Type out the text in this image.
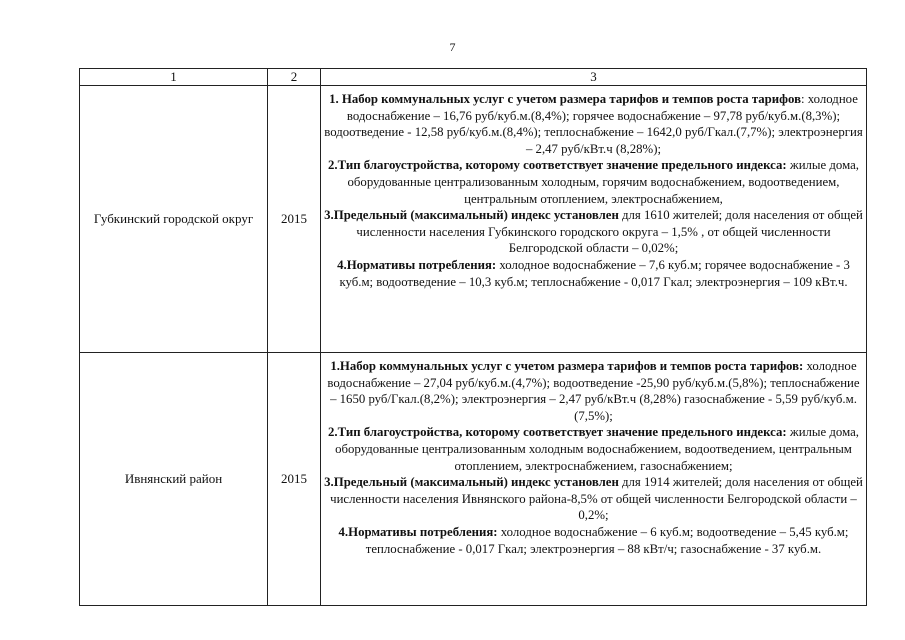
7
1	2	3
Губкинский городской округ	2015	1. Набор коммунальных услуг с учетом размера тарифов и темпов роста тарифов: холодное водоснабжение – 16,76 руб/куб.м.(8,4%); горячее водоснабжение – 97,78 руб/куб.м.(8,3%); водоотведение - 12,58 руб/куб.м.(8,4%); теплоснабжение – 1642,0 руб/Гкал.(7,7%); электроэнергия – 2,47 руб/кВт.ч (8,28%);

2.Тип благоустройства, которому соответствует значение предельного индекса: жилые дома, оборудованные централизованным холодным, горячим водоснабжением, водоотведением, центральным отоплением, электроснабжением,

3.Предельный (максимальный) индекс установлен для 1610 жителей; доля населения от общей численности населения Губкинского городского округа – 1,5% , от общей численности Белгородской области – 0,02%;

4.Нормативы потребления: холодное водоснабжение – 7,6 куб.м; горячее водоснабжение - 3 куб.м; водоотведение – 10,3 куб.м; теплоснабжение - 0,017 Гкал; электроэнергия – 109 кВт.ч.

Ивнянский район	2015	1.Набор коммунальных услуг с учетом размера тарифов и темпов роста тарифов: холодное водоснабжение – 27,04 руб/куб.м.(4,7%); водоотведение -25,90 руб/куб.м.(5,8%); теплоснабжение – 1650 руб/Гкал.(8,2%); электроэнергия – 2,47 руб/кВт.ч (8,28%) газоснабжение - 5,59 руб/куб.м. (7,5%);

2.Тип благоустройства, которому соответствует значение предельного индекса: жилые дома, оборудованные централизованным холодным водоснабжением, водоотведением, центральным отоплением, электроснабжением, газоснабжением;

3.Предельный (максимальный) индекс установлен для 1914 жителей; доля населения от общей численности населения Ивнянского района-8,5% от общей численности Белгородской области – 0,2%;

4.Нормативы потребления: холодное водоснабжение – 6 куб.м; водоотведение – 5,45 куб.м; теплоснабжение - 0,017 Гкал; электроэнергия – 88 кВт/ч; газоснабжение - 37 куб.м.
